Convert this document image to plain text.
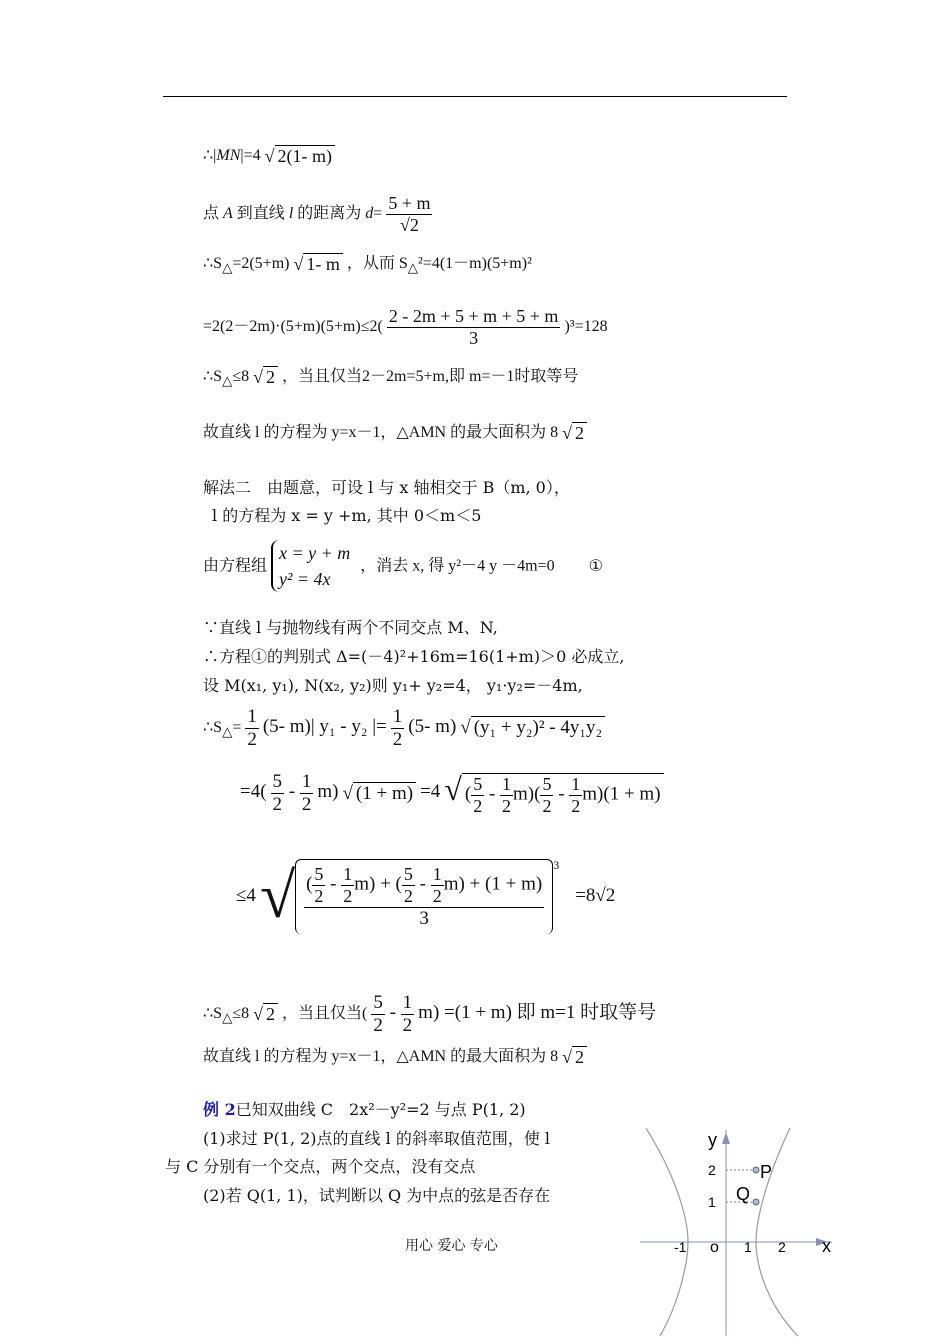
∴|MN|=4 √ 2(1- m)
点 A 到直线 l 的距离为 $d= \frac{5 + m}{√2}$
$\therefore S_\triangle=2(5+m)$ √ 1- m ，从而 $S_\triangle^2=4(1-m)(5+m)^2$
$=2(2-2m)\cdot(5+m)(5+m)\le 2( \frac{2 - 2m + 5 + m + 5 + m}{3} )^3=128$
$\therefore S_\triangle\le 8$ √ 2 ，当且仅当2－2m=5+m,即 m=－1时取等号
故直线 l 的方程为 y=x－1，△AMN 的最大面积为 8 √ 2
解法二　由题意，可设 l 与 x 轴相交于 B（m, 0），
l 的方程为 x = y +m, 其中 0＜m＜5
由方程组
x = y + m
y² = 4x
，消去 x, 得 y²－4 y －4m=0 ①
∵直线 l 与抛物线有两个不同交点 M、N,
∴方程①的判别式 Δ=(－4)²+16m=16(1+m)＞0 必成立,
设 M(x₁, y₁), N(x₂, y₂)则 y₁+ y₂=4， y₁·y₂=－4m,
$\therefore S_\triangle= \frac{1}{2} (5-$ m)| y₁ - y₂ |= $\frac{1}{2} (5-$ m) √ (y₁ + y₂)² - 4y₁y₂
$=4( \frac{5}{2} - \frac{1}{2} m)$ √ (1 + m) =4 √ ( $\frac{5}{2} - \frac{1}{2} m)( \frac{5}{2} - \frac{1}{2} m)(1 + m)$
≤4 √ $\frac{( \frac{5}{2} - \frac{1}{2} m) + ( \frac{5}{2} - \frac{1}{2} m) + (1 + m)}{3} ^3 =8√2$
$\therefore S_\triangle\le 8$ √ 2 ，当且仅当( $\frac{5}{2} - \frac{1}{2} m) =(1 + m)$ 即 m=1 时取等号
故直线 l 的方程为 y=x－1，△AMN 的最大面积为 8 √ 2
例 2已知双曲线 C　2x²－y²=2 与点 P(1, 2)
(1)求过 P(1, 2)点的直线 l 的斜率取值范围，使 l
与 C 分别有一个交点，两个交点，没有交点
(2)若 Q(1, 1)，试判断以 Q 为中点的弦是否存在
用心 爱心 专心
y
x
o
2
1
-1	1 2
P
Q
